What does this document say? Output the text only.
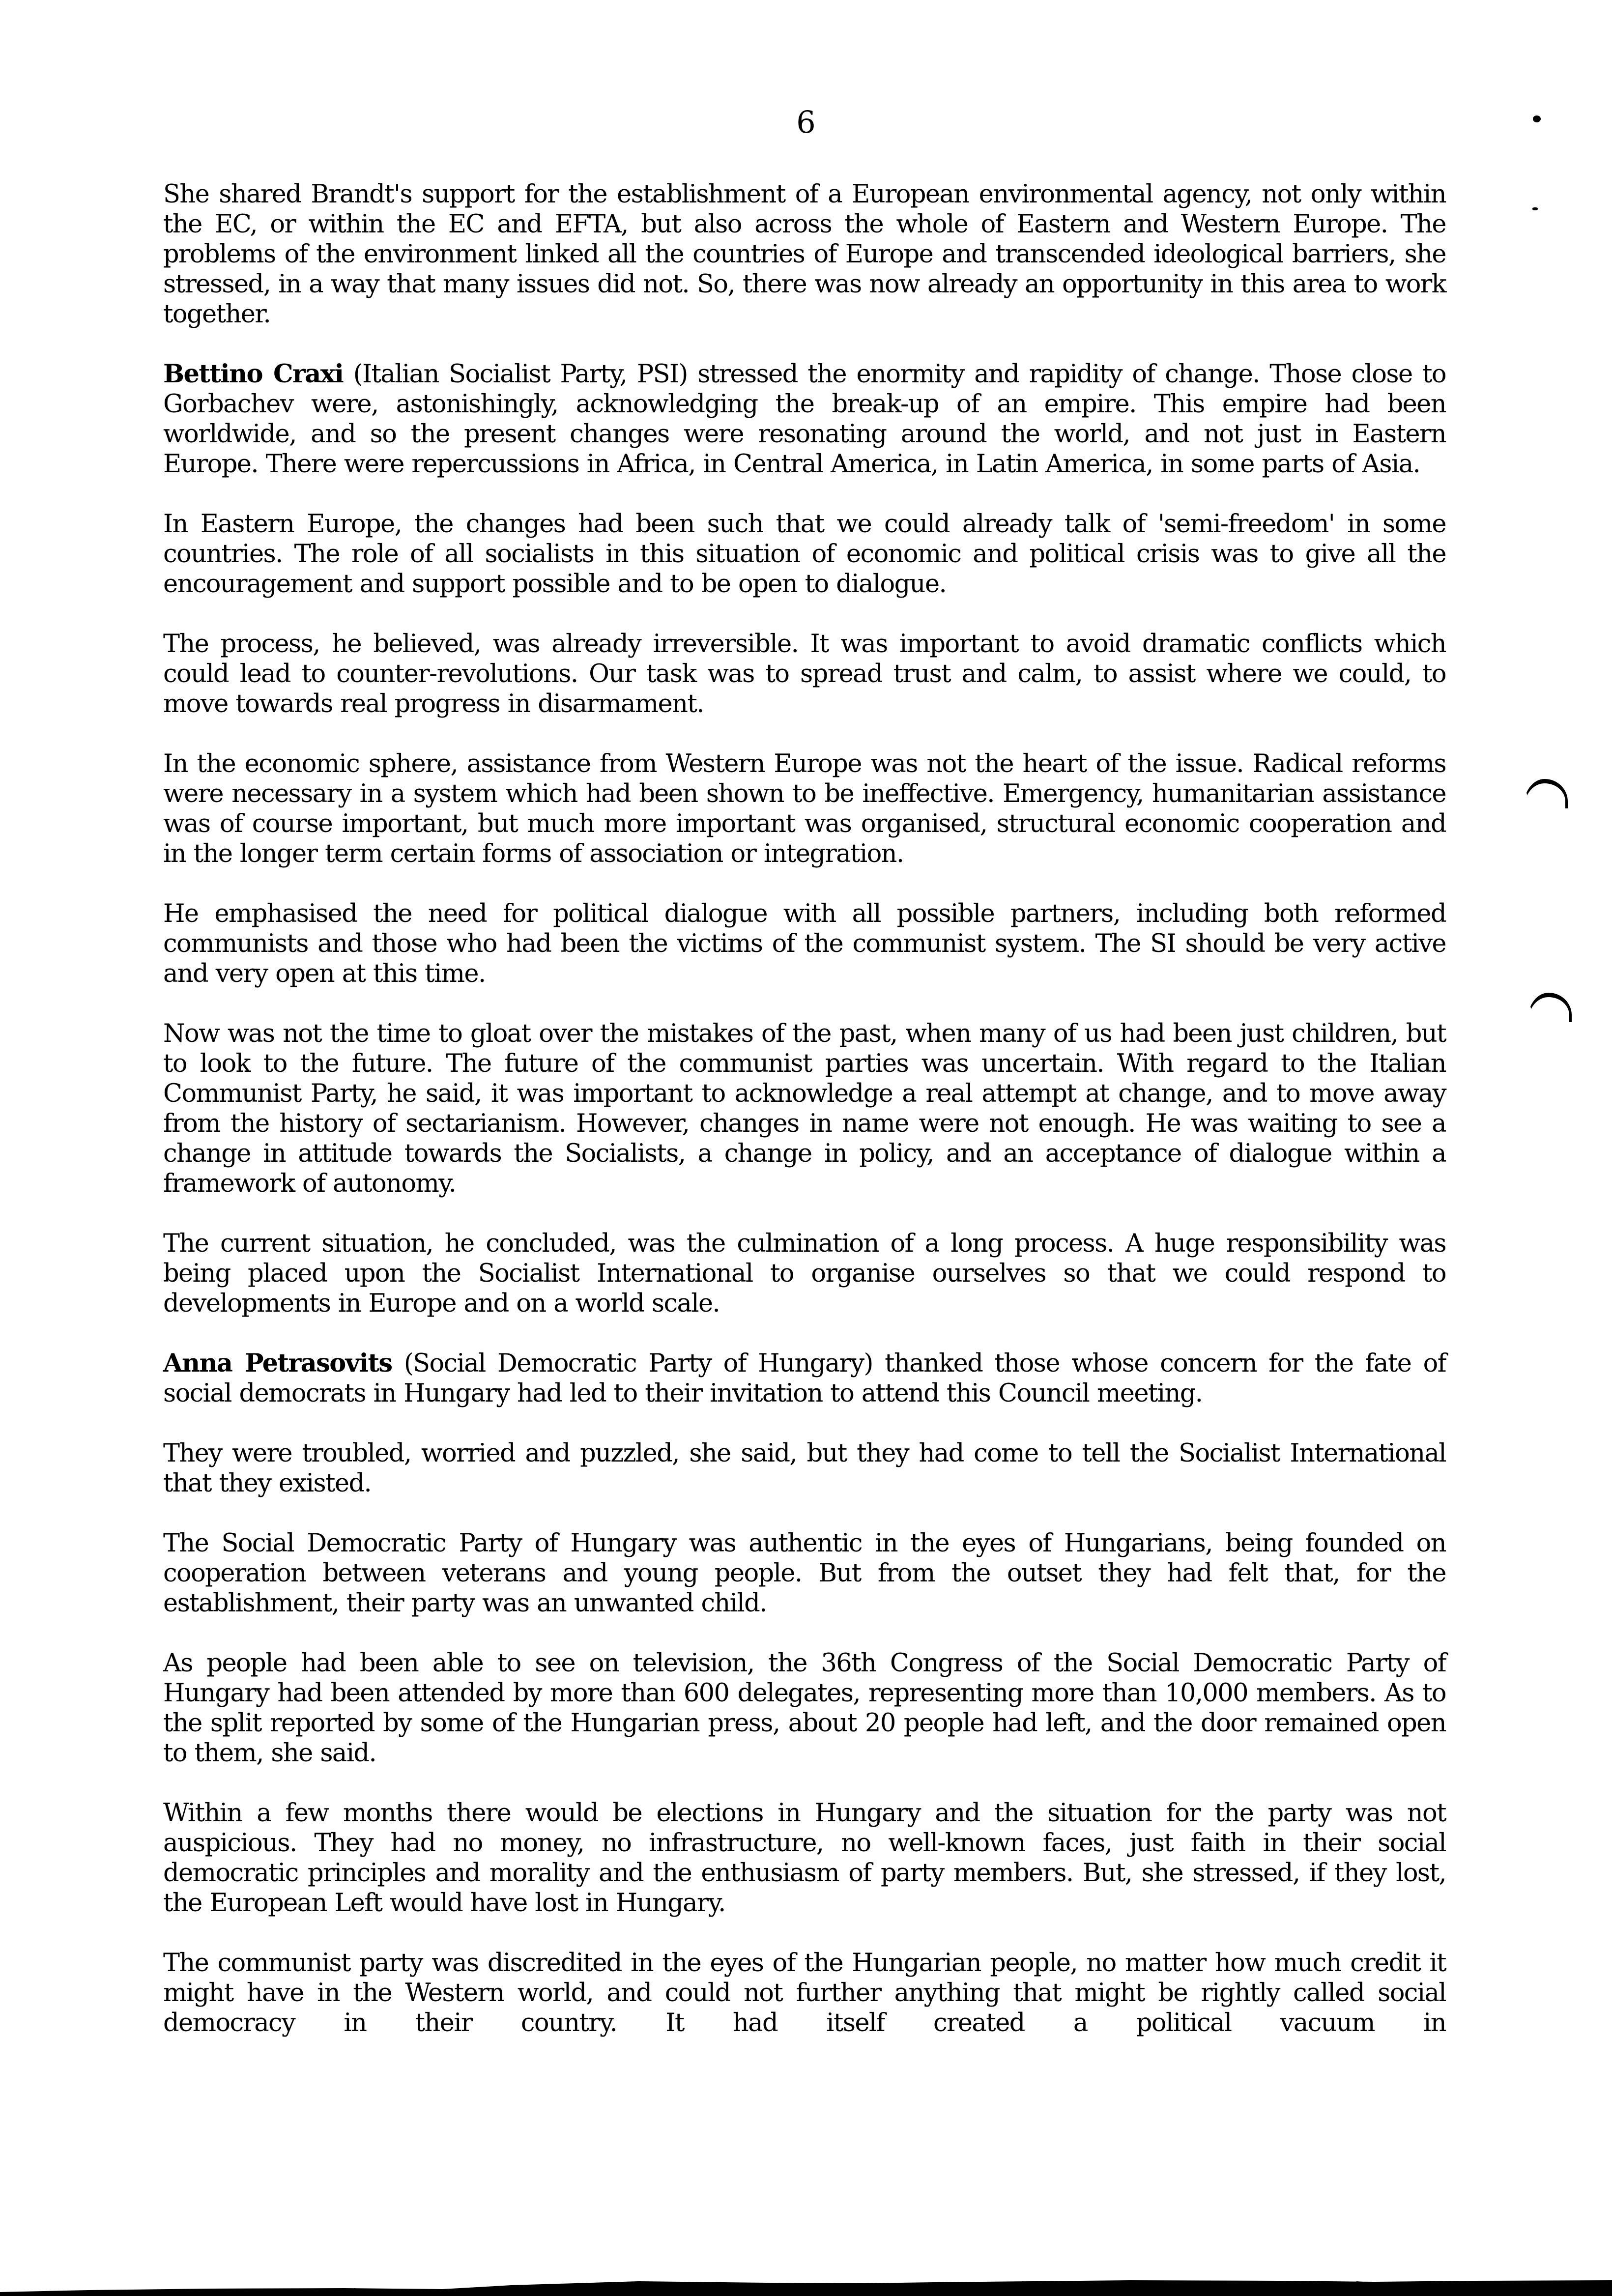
6

She shared Brandt's support for the establishment of a European environmental agency, not only within the EC, or within the EC and EFTA, but also across the whole of Eastern and Western Europe. The problems of the environment linked all the countries of Europe and transcended ideological barriers, she stressed, in a way that many issues did not. So, there was now already an opportunity in this area to work together.

Bettino Craxi (Italian Socialist Party, PSI) stressed the enormity and rapidity of change. Those close to Gorbachev were, astonishingly, acknowledging the break-up of an empire. This empire had been worldwide, and so the present changes were resonating around the world, and not just in Eastern Europe. There were repercussions in Africa, in Central America, in Latin America, in some parts of Asia.

In Eastern Europe, the changes had been such that we could already talk of 'semi-freedom' in some countries. The role of all socialists in this situation of economic and political crisis was to give all the encouragement and support possible and to be open to dialogue.

The process, he believed, was already irreversible. It was important to avoid dramatic conflicts which could lead to counter-revolutions. Our task was to spread trust and calm, to assist where we could, to move towards real progress in disarmament.

In the economic sphere, assistance from Western Europe was not the heart of the issue. Radical reforms were necessary in a system which had been shown to be ineffective. Emergency, humanitarian assistance was of course important, but much more important was organised, structural economic cooperation and in the longer term certain forms of association or integration.

He emphasised the need for political dialogue with all possible partners, including both reformed communists and those who had been the victims of the communist system. The SI should be very active and very open at this time.

Now was not the time to gloat over the mistakes of the past, when many of us had been just children, but to look to the future. The future of the communist parties was uncertain. With regard to the Italian Communist Party, he said, it was important to acknowledge a real attempt at change, and to move away from the history of sectarianism. However, changes in name were not enough. He was waiting to see a change in attitude towards the Socialists, a change in policy, and an acceptance of dialogue within a framework of autonomy.

The current situation, he concluded, was the culmination of a long process. A huge responsibility was being placed upon the Socialist International to organise ourselves so that we could respond to developments in Europe and on a world scale.

Anna Petrasovits (Social Democratic Party of Hungary) thanked those whose concern for the fate of social democrats in Hungary had led to their invitation to attend this Council meeting.

They were troubled, worried and puzzled, she said, but they had come to tell the Socialist International that they existed.

The Social Democratic Party of Hungary was authentic in the eyes of Hungarians, being founded on cooperation between veterans and young people. But from the outset they had felt that, for the establishment, their party was an unwanted child.

As people had been able to see on television, the 36th Congress of the Social Democratic Party of Hungary had been attended by more than 600 delegates, representing more than 10,000 members. As to the split reported by some of the Hungarian press, about 20 people had left, and the door remained open to them, she said.

Within a few months there would be elections in Hungary and the situation for the party was not auspicious. They had no money, no infrastructure, no well-known faces, just faith in their social democratic principles and morality and the enthusiasm of party members. But, she stressed, if they lost, the European Left would have lost in Hungary.

The communist party was discredited in the eyes of the Hungarian people, no matter how much credit it might have in the Western world, and could not further anything that might be rightly called social democracy in their country. It had itself created a political vacuum in
